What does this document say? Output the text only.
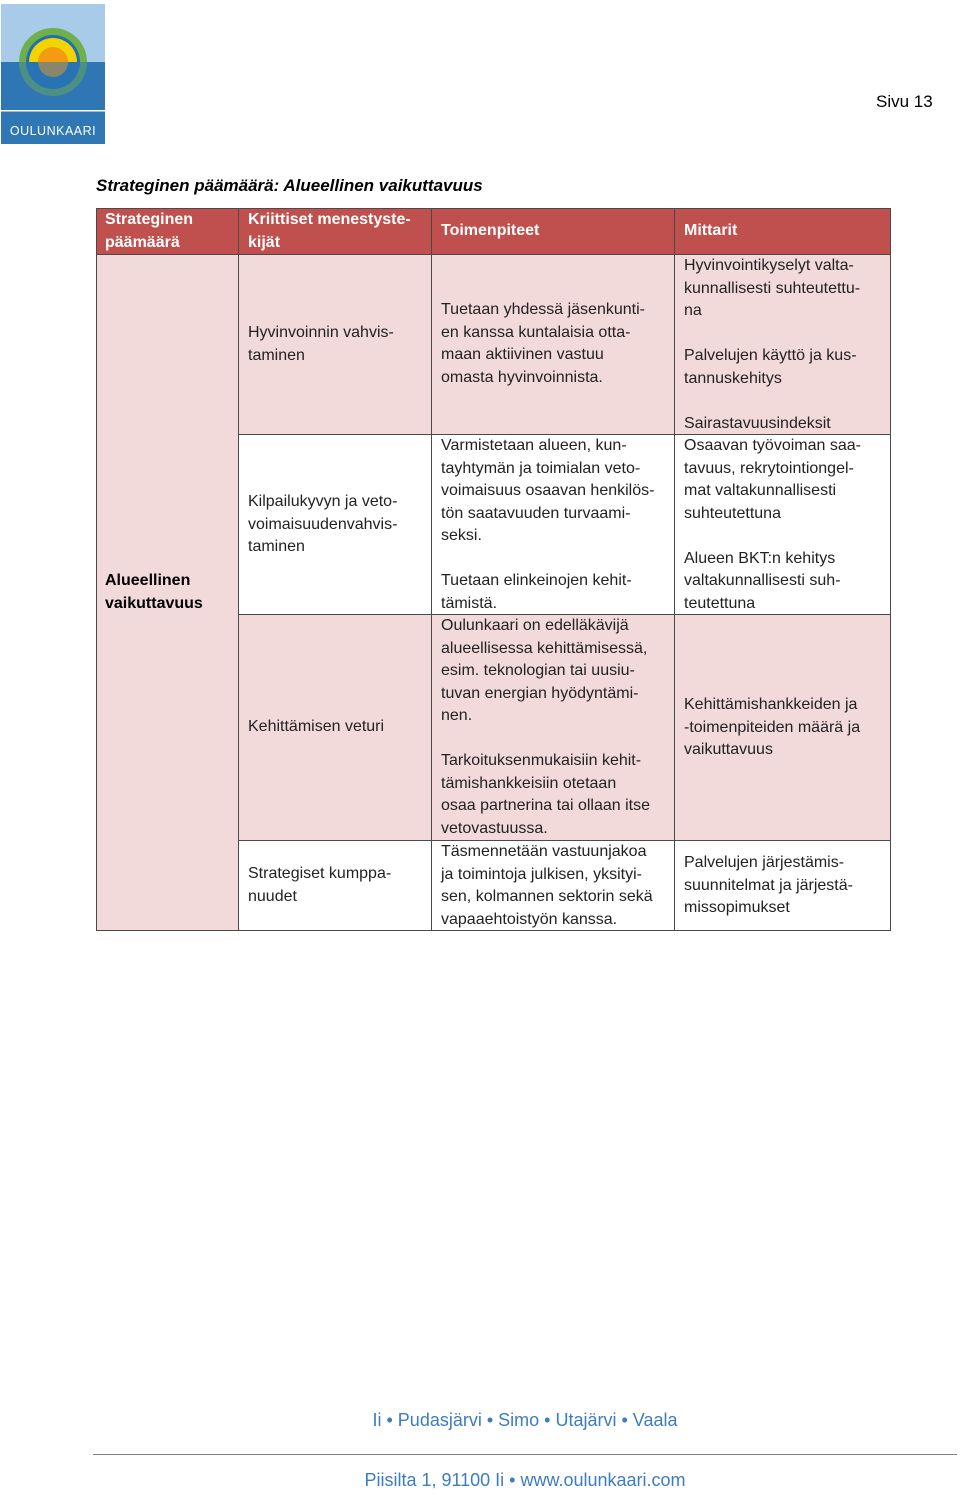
OULUNKAARI
Sivu 13
Strateginen päämäärä: Alueellinen vaikuttavuus
Strateginen
päämäärä
Kriittiset menestyste-
kijät
Toimenpiteet	Mittarit
Alueellinen
vaikuttavuus
Hyvinvoinnin vahvis-
taminen
Kilpailukyvyn ja veto-
voimaisuudenvahvis-
taminen
Kehittämisen veturi
Strategiset kumppa-
nuudet
Tuetaan yhdessä jäsenkunti-
en kanssa kuntalaisia otta-
maan aktiivinen vastuu
omasta hyvinvoinnista.
Varmistetaan alueen, kun-
tayhtymän ja toimialan veto-
voimaisuus osaavan henkilös-
tön saatavuuden turvaami-
seksi.

Tuetaan elinkeinojen kehit-
tämistä.
Oulunkaari on edelläkävijä
alueellisessa kehittämisessä,
esim. teknologian tai uusiu-
tuvan energian hyödyntämi-
nen.

Tarkoituksenmukaisiin kehit-
tämishankkeisiin otetaan
osaa partnerina tai ollaan itse
vetovastuussa.
Täsmennetään vastuunjakoa
ja toimintoja julkisen, yksityi-
sen, kolmannen sektorin sekä
vapaaehtoistyön kanssa.
Hyvinvointikyselyt valta-
kunnallisesti suhteutettu-
na

Palvelujen käyttö ja kus-
tannuskehitys

Sairastavuusindeksit
Osaavan työvoiman saa-
tavuus, rekrytointiongel-
mat valtakunnallisesti
suhteutettuna

Alueen BKT:n kehitys
valtakunnallisesti suh-
teutettuna
Kehittämishankkeiden ja
-toimenpiteiden määrä ja
vaikuttavuus
Palvelujen järjestämis-
suunnitelmat ja järjestä-
missopimukset
Ii • Pudasjärvi • Simo • Utajärvi • Vaala
Piisilta 1, 91100 Ii • www.oulunkaari.com
